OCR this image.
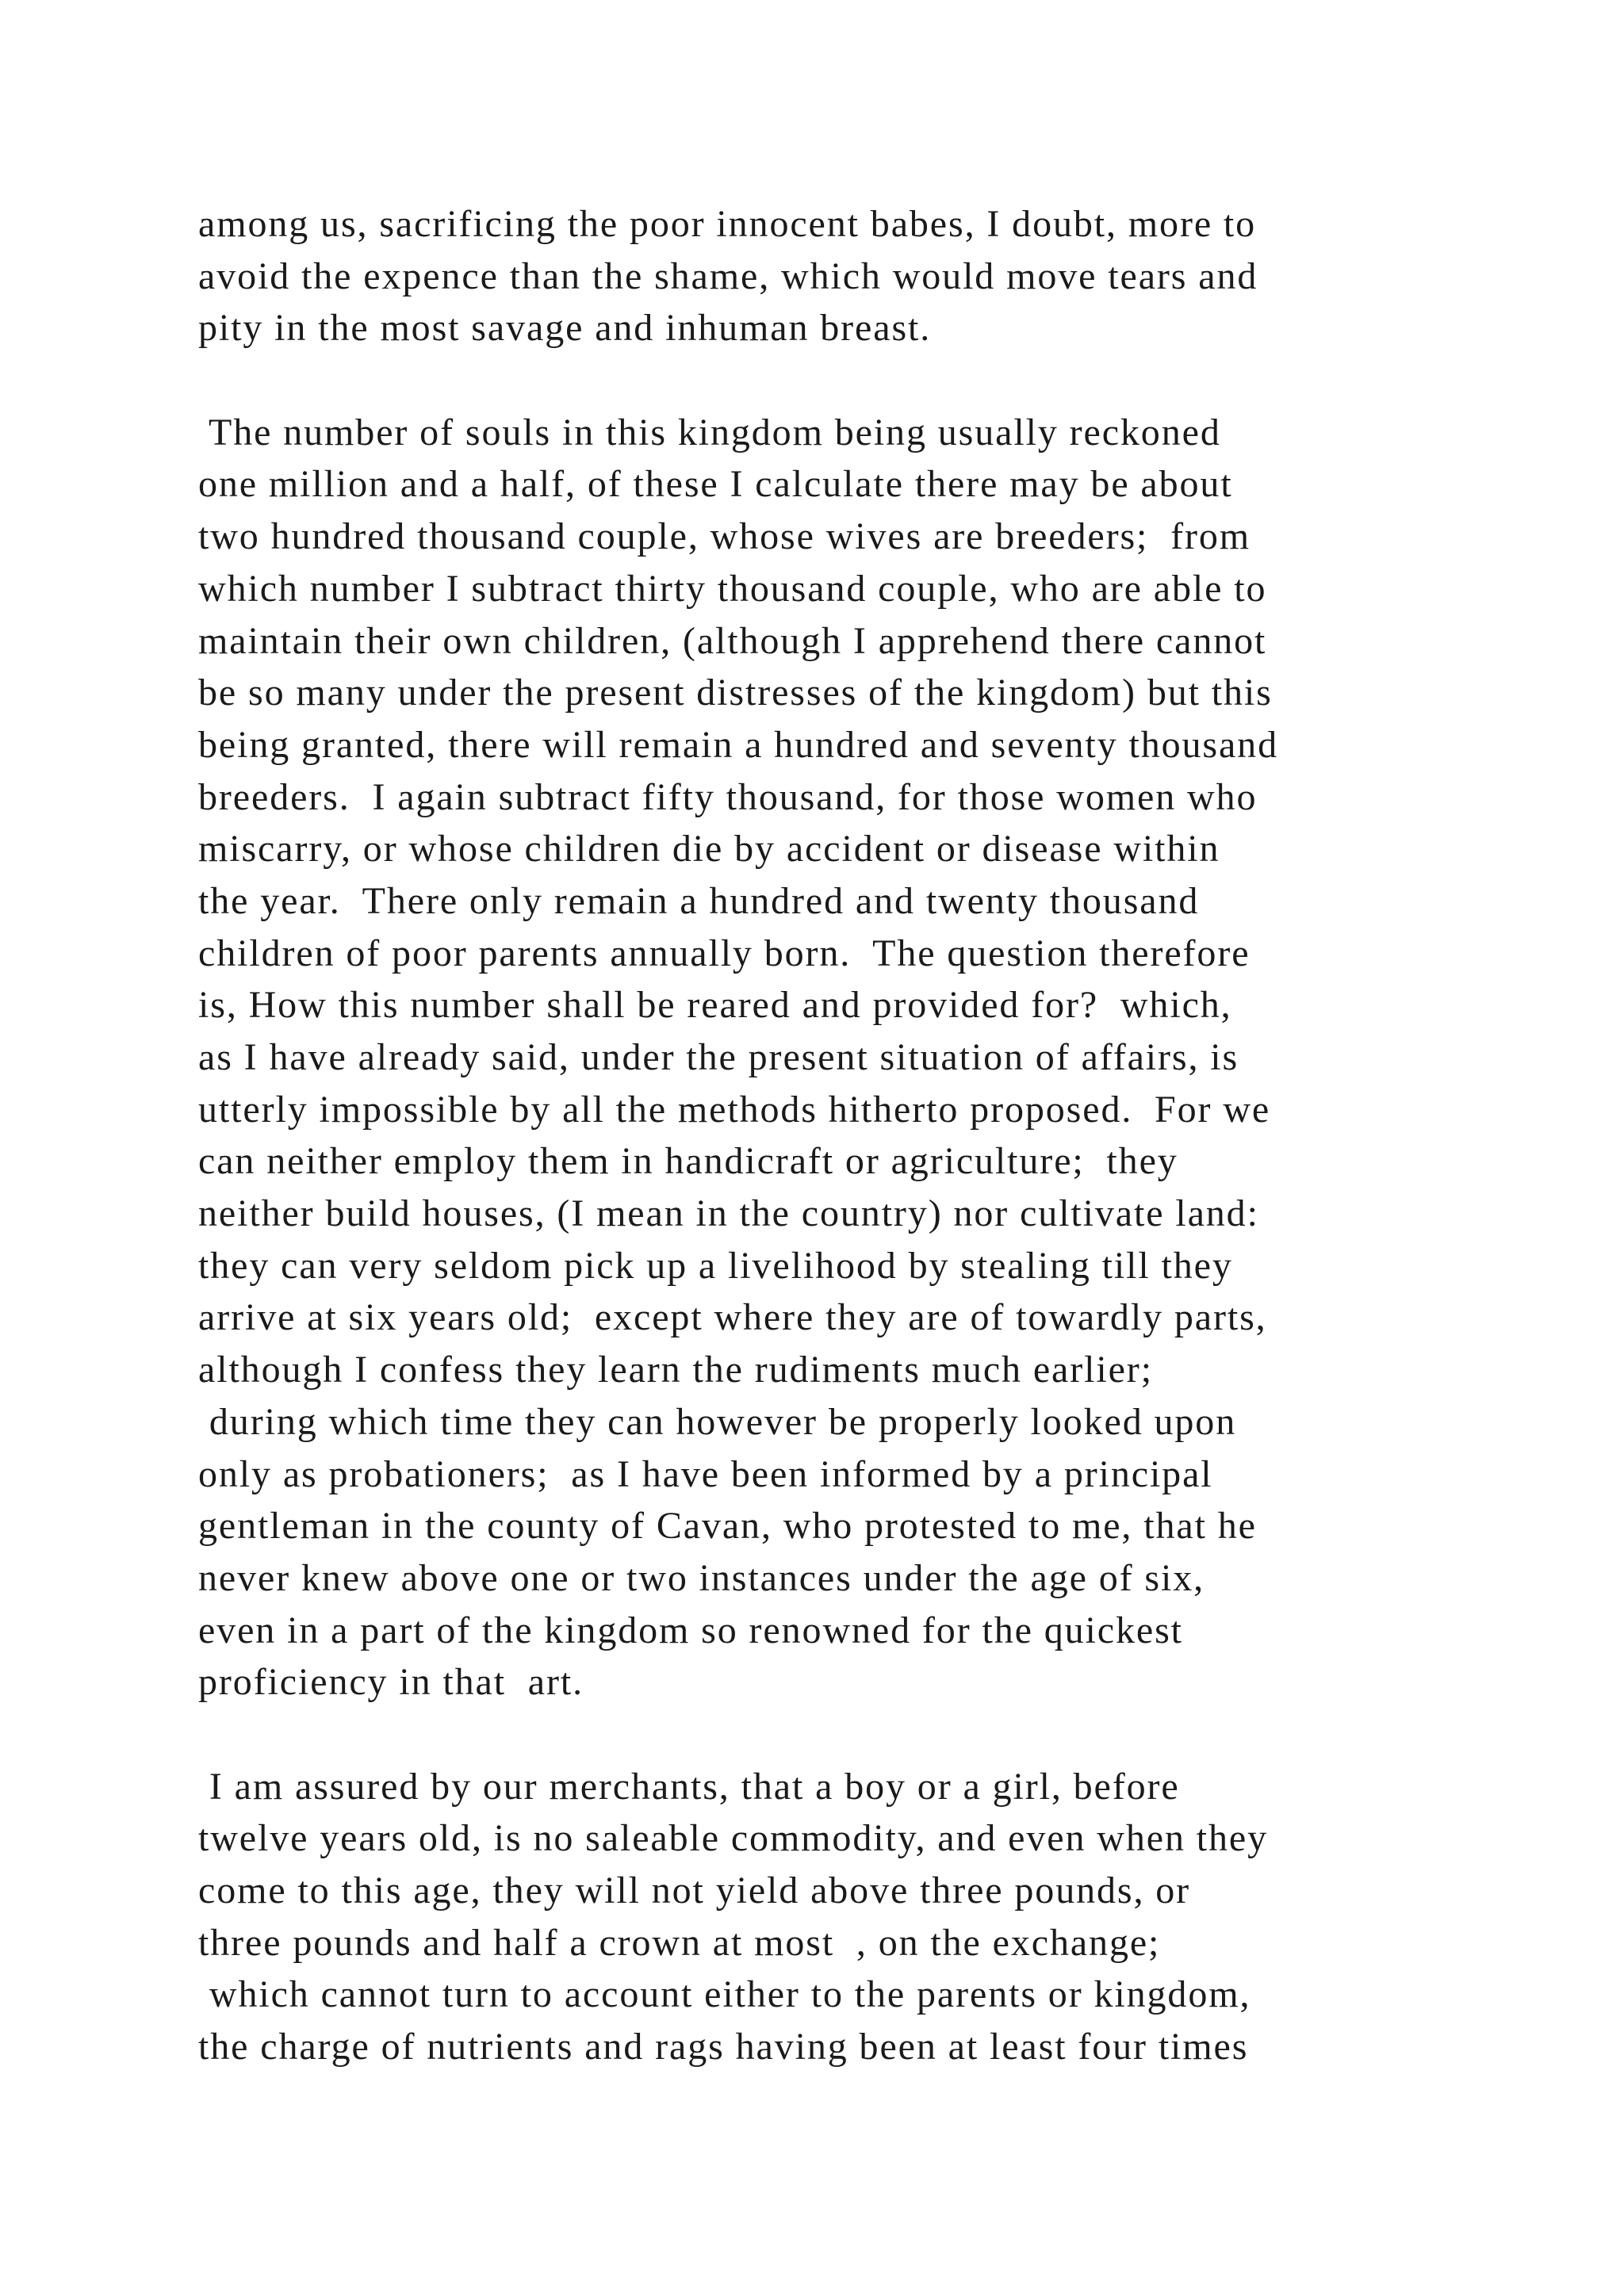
among us, sacrificing the poor innocent babes, I doubt, more to
avoid the expence than the shame, which would move tears and
pity in the most savage and inhuman breast.
The number of souls in this kingdom being usually reckoned
one million and a half, of these I calculate there may be about
two hundred thousand couple, whose wives are breeders;  from
which number I subtract thirty thousand couple, who are able to
maintain their own children, (although I apprehend there cannot
be so many under the present distresses of the kingdom) but this
being granted, there will remain a hundred and seventy thousand
breeders.  I again subtract fifty thousand, for those women who
miscarry, or whose children die by accident or disease within
the year.  There only remain a hundred and twenty thousand
children of poor parents annually born.  The question therefore
is, How this number shall be reared and provided for?  which,
as I have already said, under the present situation of affairs, is
utterly impossible by all the methods hitherto proposed.  For we
can neither employ them in handicraft or agriculture;  they
neither build houses, (I mean in the country) nor cultivate land:
they can very seldom pick up a livelihood by stealing till they
arrive at six years old;  except where they are of towardly parts,
although I confess they learn the rudiments much earlier;
during which time they can however be properly looked upon
only as probationers;  as I have been informed by a principal
gentleman in the county of Cavan, who protested to me, that he
never knew above one or two instances under the age of six,
even in a part of the kingdom so renowned for the quickest
proficiency in that  art.
I am assured by our merchants, that a boy or a girl, before
twelve years old, is no saleable commodity, and even when they
come to this age, they will not yield above three pounds, or
three pounds and half a crown at most  , on the exchange;
which cannot turn to account either to the parents or kingdom,
the charge of nutrients and rags having been at least four times
